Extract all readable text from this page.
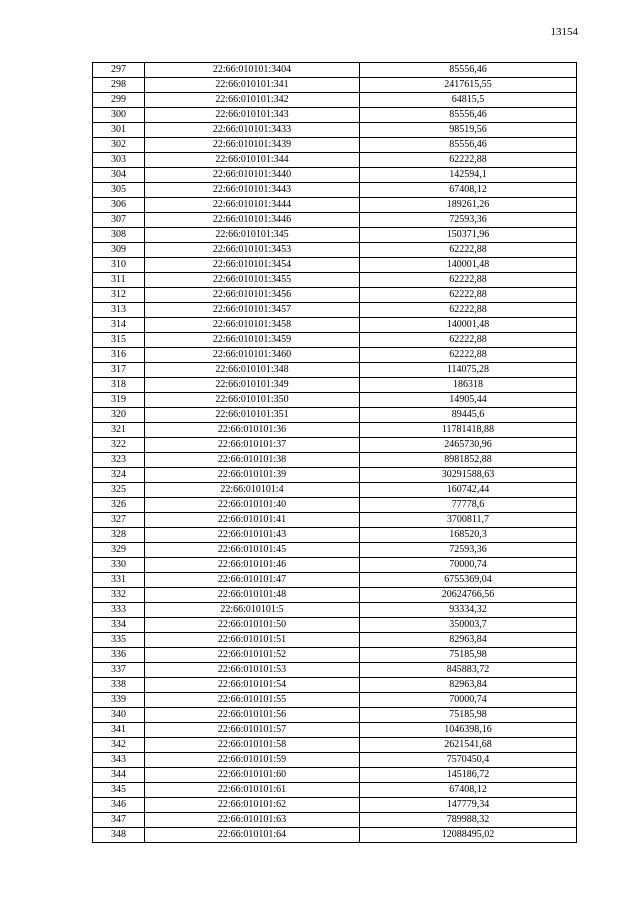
13154
297	22:66:010101:3404	85556,46
298	22:66:010101:341	2417615,55
299	22:66:010101:342	64815,5
300	22:66:010101:343	85556,46
301	22:66:010101:3433	98519,56
302	22:66:010101:3439	85556,46
303	22:66:010101:344	62222,88
304	22:66:010101:3440	142594,1
305	22:66:010101:3443	67408,12
306	22:66:010101:3444	189261,26
307	22:66:010101:3446	72593,36
308	22:66:010101:345	150371,96
309	22:66:010101:3453	62222,88
310	22:66:010101:3454	140001,48
311	22:66:010101:3455	62222,88
312	22:66:010101:3456	62222,88
313	22:66:010101:3457	62222,88
314	22:66:010101:3458	140001,48
315	22:66:010101:3459	62222,88
316	22:66:010101:3460	62222,88
317	22:66:010101:348	114075,28
318	22:66:010101:349	186318
319	22:66:010101:350	14905,44
320	22:66:010101:351	89445,6
321	22:66:010101:36	11781418,88
322	22:66:010101:37	2465730,96
323	22:66:010101:38	8981852,88
324	22:66:010101:39	30291588,63
325	22:66:010101:4	160742,44
326	22:66:010101:40	77778,6
327	22:66:010101:41	3700811,7
328	22:66:010101:43	168520,3
329	22:66:010101:45	72593,36
330	22:66:010101:46	70000,74
331	22:66:010101:47	6755369,04
332	22:66:010101:48	20624766,56
333	22:66:010101:5	93334,32
334	22:66:010101:50	350003,7
335	22:66:010101:51	82963,84
336	22:66:010101:52	75185,98
337	22:66:010101:53	845883,72
338	22:66:010101:54	82963,84
339	22:66:010101:55	70000,74
340	22:66:010101:56	75185,98
341	22:66:010101:57	1046398,16
342	22:66:010101:58	2621541,68
343	22:66:010101:59	7570450,4
344	22:66:010101:60	145186,72
345	22:66:010101:61	67408,12
346	22:66:010101:62	147779,34
347	22:66:010101:63	789988,32
348	22:66:010101:64	12088495,02
